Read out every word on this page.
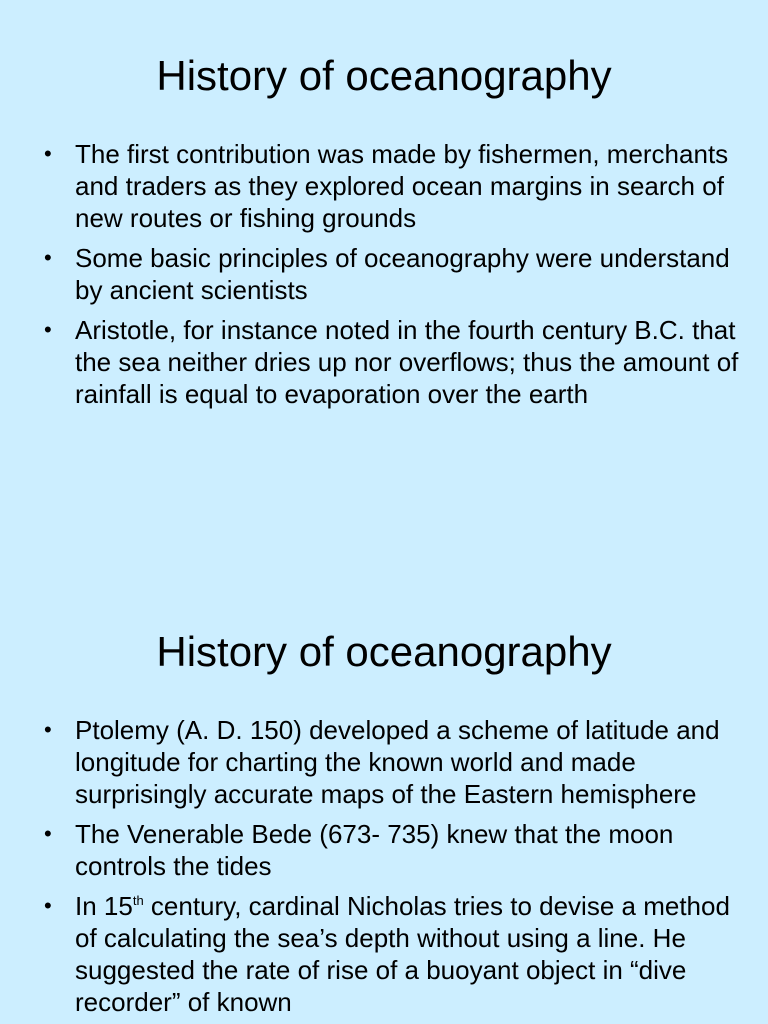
History of oceanography
• The first contribution was made by fishermen, merchants and traders as they explored ocean margins in search of new routes or fishing grounds
• Some basic principles of oceanography were understand by ancient scientists
• Aristotle, for instance noted in the fourth century B.C. that the sea neither dries up nor overflows; thus the amount of rainfall is equal to evaporation over the earth
History of oceanography
• Ptolemy (A. D. 150) developed a scheme of latitude and longitude for charting the known world and made surprisingly accurate maps of the Eastern hemisphere
• The Venerable Bede (673- 735) knew that the moon controls the tides
• In 15th century, cardinal Nicholas tries to devise a method of calculating the sea’s depth without using a line. He suggested the rate of rise of a buoyant object in “dive recorder” of known
